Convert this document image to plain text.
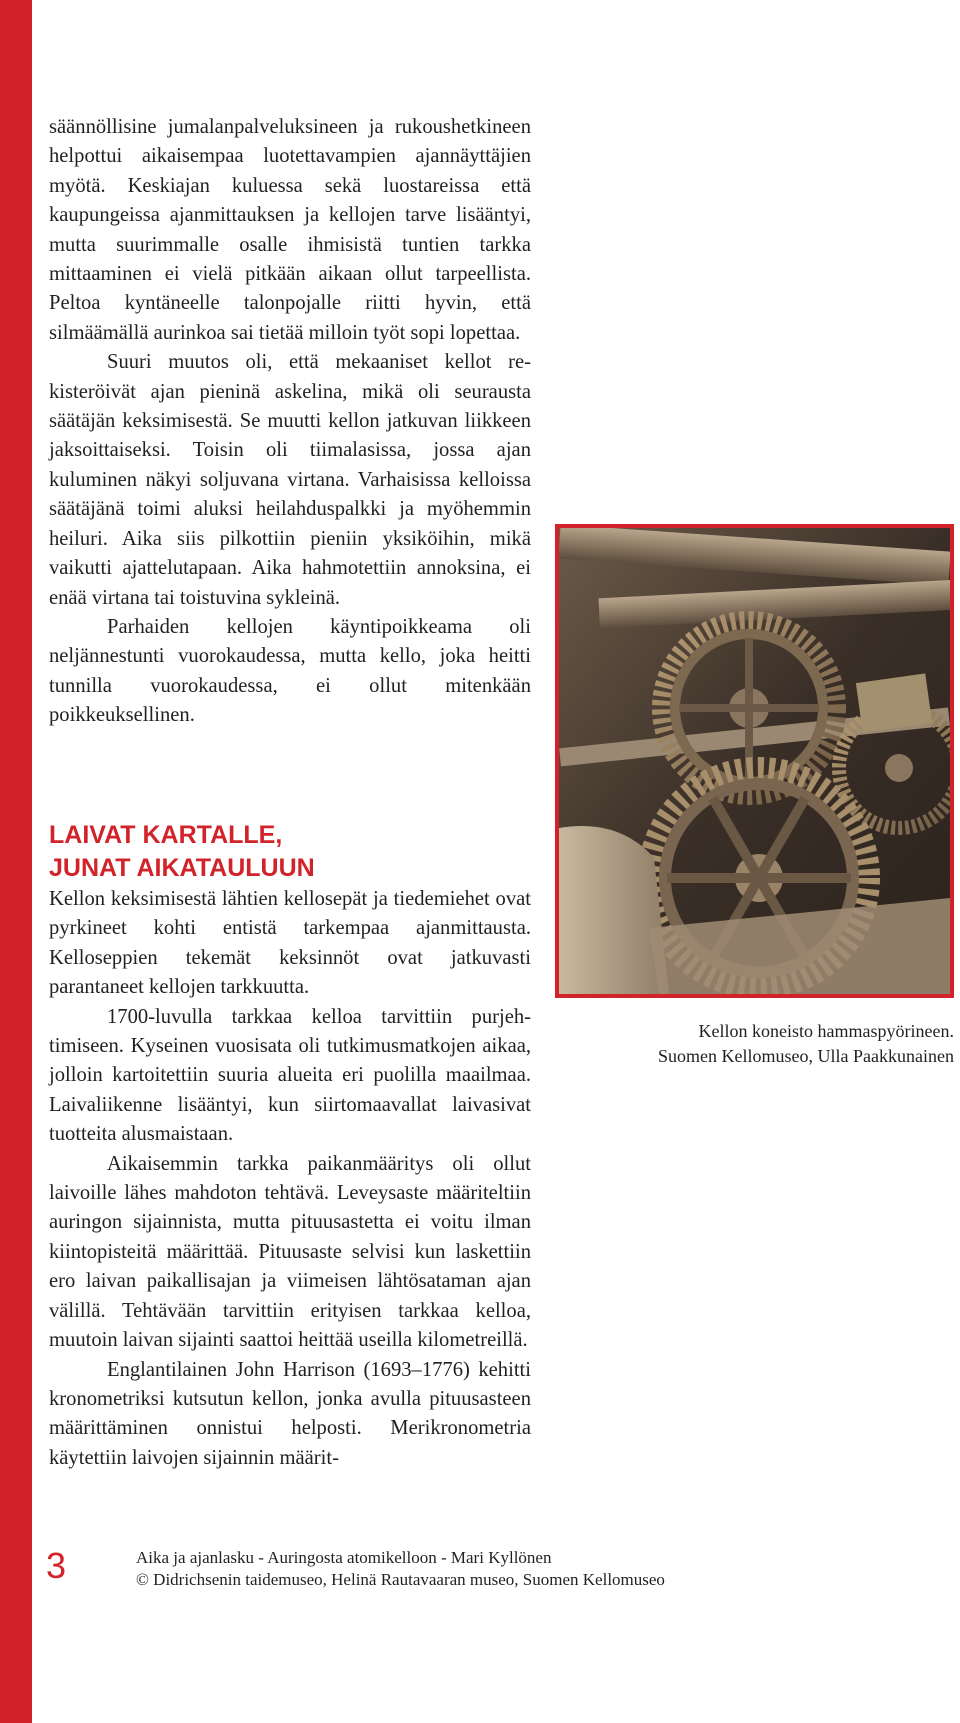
säännöllisine jumalanpalveluksineen ja rukoushetkineen helpottui aikaisempaa luotettavampien ajannäyttäjien myötä. Keskiajan kuluessa sekä luostareissa että kaupungeissa ajanmittauksen ja kellojen tarve lisääntyi, mutta suurimmalle osalle ihmisistä tuntien tarkka mittaaminen ei vielä pitkään aikaan ollut tarpeellista. Peltoa kyntäneelle talonpojalle riitti hyvin, että silmäämällä aurinkoa sai tietää milloin työt sopi lopettaa.

Suuri muutos oli, että mekaaniset kellot rekisteröivät ajan pieninä askelina, mikä oli seurausta säätäjän keksimisestä. Se muutti kellon jatkuvan liikkeen jaksoittaiseksi. Toisin oli tiimalasissa, jossa ajan kuluminen näkyi soljuvana virtana. Varhaisissa kelloissa säätäjänä toimi aluksi heilahduspalkki ja myöhemmin heiluri. Aika siis pilkottiin pieniin yksiköihin, mikä vaikutti ajattelutapaan. Aika hahmotettiin annoksina, ei enää virtana tai toistuvina sykleinä.

Parhaiden kellojen käyntipoikkeama oli neljännestunti vuorokaudessa, mutta kello, joka heitti tunnilla vuorokaudessa, ei ollut mitenkään poikkeuksellinen.

LAIVAT KARTALLE,
JUNAT AIKATAULUUN

Kellon keksimisestä lähtien kellosepät ja tiedemiehet ovat pyrkineet kohti entistä tarkempaa ajanmittausta. Kelloseppien tekemät keksinnöt ovat jatkuvasti parantaneet kellojen tarkkuutta.

1700-luvulla tarkkaa kelloa tarvittiin purjehtimiseen. Kyseinen vuosisata oli tutkimusmatkojen aikaa, jolloin kartoitettiin suuria alueita eri puolilla maailmaa. Laivaliikenne lisääntyi, kun siirtomaavallat laivasivat tuotteita alusmaistaan.

Aikaisemmin tarkka paikanmääritys oli ollut laivoille lähes mahdoton tehtävä. Leveysaste määriteltiin auringon sijainnista, mutta pituusastetta ei voitu ilman kiintopisteitä määrittää. Pituusaste selvisi kun laskettiin ero laivan paikallisajan ja viimeisen lähtösataman ajan välillä. Tehtävään tarvittiin erityisen tarkkaa kelloa, muutoin laivan sijainti saattoi heittää useilla kilometreillä.

Englantilainen John Harrison (1693–1776) kehitti kronometriksi kutsutun kellon, jonka avulla pituusasteen määrittäminen onnistui helposti. Merikronometria käytettiin laivojen sijainnin määrit-

Kellon koneisto hammaspyörineen.
Suomen Kellomuseo, Ulla Paakkunainen
3	Aika ja ajanlasku - Auringosta atomikelloon - Mari Kyllönen
© Didrichsenin taidemuseo, Helinä Rautavaaran museo, Suomen Kellomuseo
